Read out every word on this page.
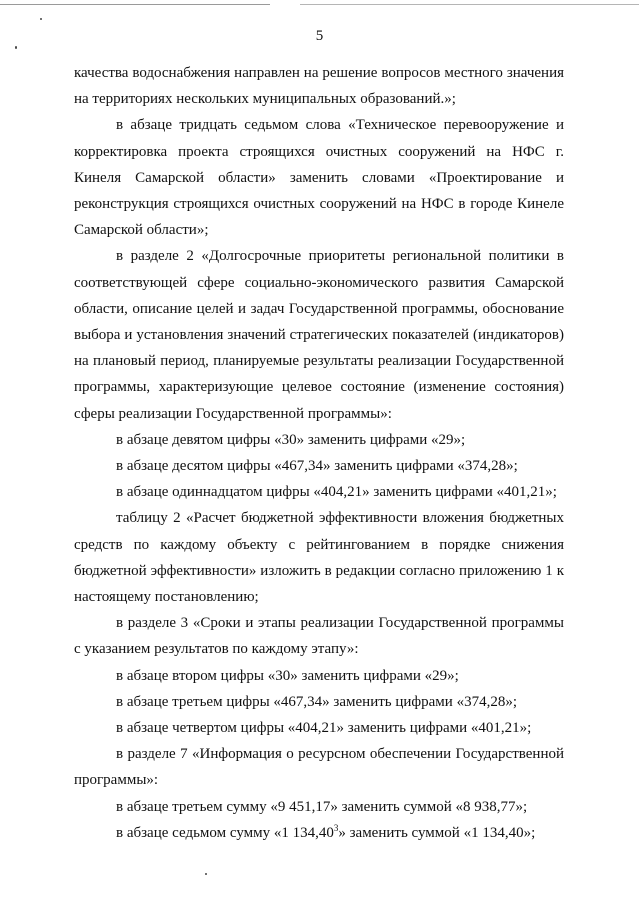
5

качества водоснабжения направлен на решение вопросов местного значения на территориях нескольких муниципальных образований.»;

в абзаце тридцать седьмом слова «Техническое перевооружение и корректировка проекта строящихся очистных сооружений на НФС г. Кинеля Самарской области» заменить словами «Проектирование и реконструкция строящихся очистных сооружений на НФС в городе Кинеле Самарской области»;

в разделе 2 «Долгосрочные приоритеты региональной политики в соответствующей сфере социально-экономического развития Самарской области, описание целей и задач Государственной программы, обоснование выбора и установления значений стратегических показателей (индикаторов) на плановый период, планируемые результаты реализации Государственной программы, характеризующие целевое состояние (изменение состояния) сферы реализации Государственной программы»:

в абзаце девятом цифры «30» заменить цифрами «29»;

в абзаце десятом цифры «467,34» заменить цифрами «374,28»;

в абзаце одиннадцатом цифры «404,21» заменить цифрами «401,21»;

таблицу 2 «Расчет бюджетной эффективности вложения бюджетных средств по каждому объекту с рейтингованием в порядке снижения бюджетной эффективности» изложить в редакции согласно приложению 1 к настоящему постановлению;

в разделе 3 «Сроки и этапы реализации Государственной программы с указанием результатов по каждому этапу»:

в абзаце втором цифры «30» заменить цифрами «29»;

в абзаце третьем цифры «467,34» заменить цифрами «374,28»;

в абзаце четвертом цифры «404,21» заменить цифрами «401,21»;

в разделе 7 «Информация о ресурсном обеспечении Государственной программы»:

в абзаце третьем сумму «9 451,17» заменить суммой «8 938,77»;

в абзаце седьмом сумму «1 134,40$^3$» заменить суммой «1 134,40»;
